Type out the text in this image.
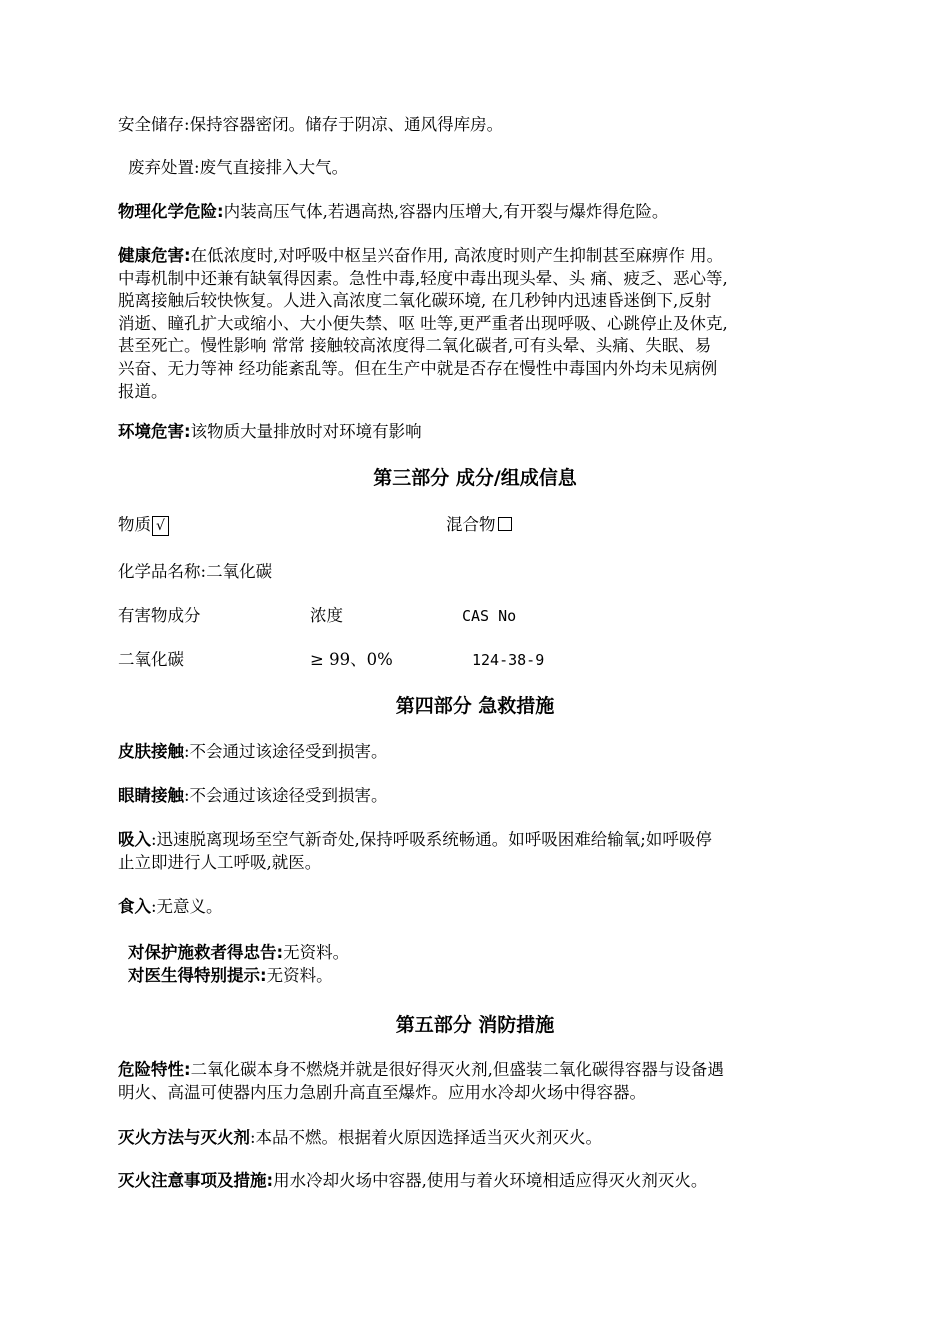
安全储存:保持容器密闭。储存于阴凉、通风得库房。
废弃处置:废气直接排入大气。
物理化学危险:内装高压气体,若遇高热,容器内压增大,有开裂与爆炸得危险。
健康危害:在低浓度时,对呼吸中枢呈兴奋作用, 高浓度时则产生抑制甚至麻痹作 用。
中毒机制中还兼有缺氧得因素。急性中毒,轻度中毒出现头晕、头 痛、疲乏、恶心等,
脱离接触后较快恢复。人进入高浓度二氧化碳环境, 在几秒钟内迅速昏迷倒下,反射
消逝、瞳孔扩大或缩小、大小便失禁、呕 吐等,更严重者出现呼吸、心跳停止及休克,
甚至死亡。慢性影响 常常 接触较高浓度得二氧化碳者,可有头晕、头痛、失眠、易
兴奋、无力等神 经功能紊乱等。但在生产中就是否存在慢性中毒国内外均未见病例
报道。
环境危害:该物质大量排放时对环境有影响
第三部分 成分/组成信息
物质 √	混合物
化学品名称:二氧化碳
有害物成分	浓度	CAS No
二氧化碳	≥ 99、0%	124-38-9
第四部分 急救措施
皮肤接触:不会通过该途径受到损害。
眼睛接触:不会通过该途径受到损害。
吸入:迅速脱离现场至空气新奇处,保持呼吸系统畅通。如呼吸困难给输氧;如呼吸停
止立即进行人工呼吸,就医。
食入:无意义。
对保护施救者得忠告:无资料。
对医生得特别提示:无资料。
第五部分 消防措施
危险特性:二氧化碳本身不燃烧并就是很好得灭火剂,但盛装二氧化碳得容器与设备遇
明火、高温可使器内压力急剧升高直至爆炸。应用水冷却火场中得容器。
灭火方法与灭火剂:本品不燃。根据着火原因选择适当灭火剂灭火。
灭火注意事项及措施:用水冷却火场中容器,使用与着火环境相适应得灭火剂灭火。
